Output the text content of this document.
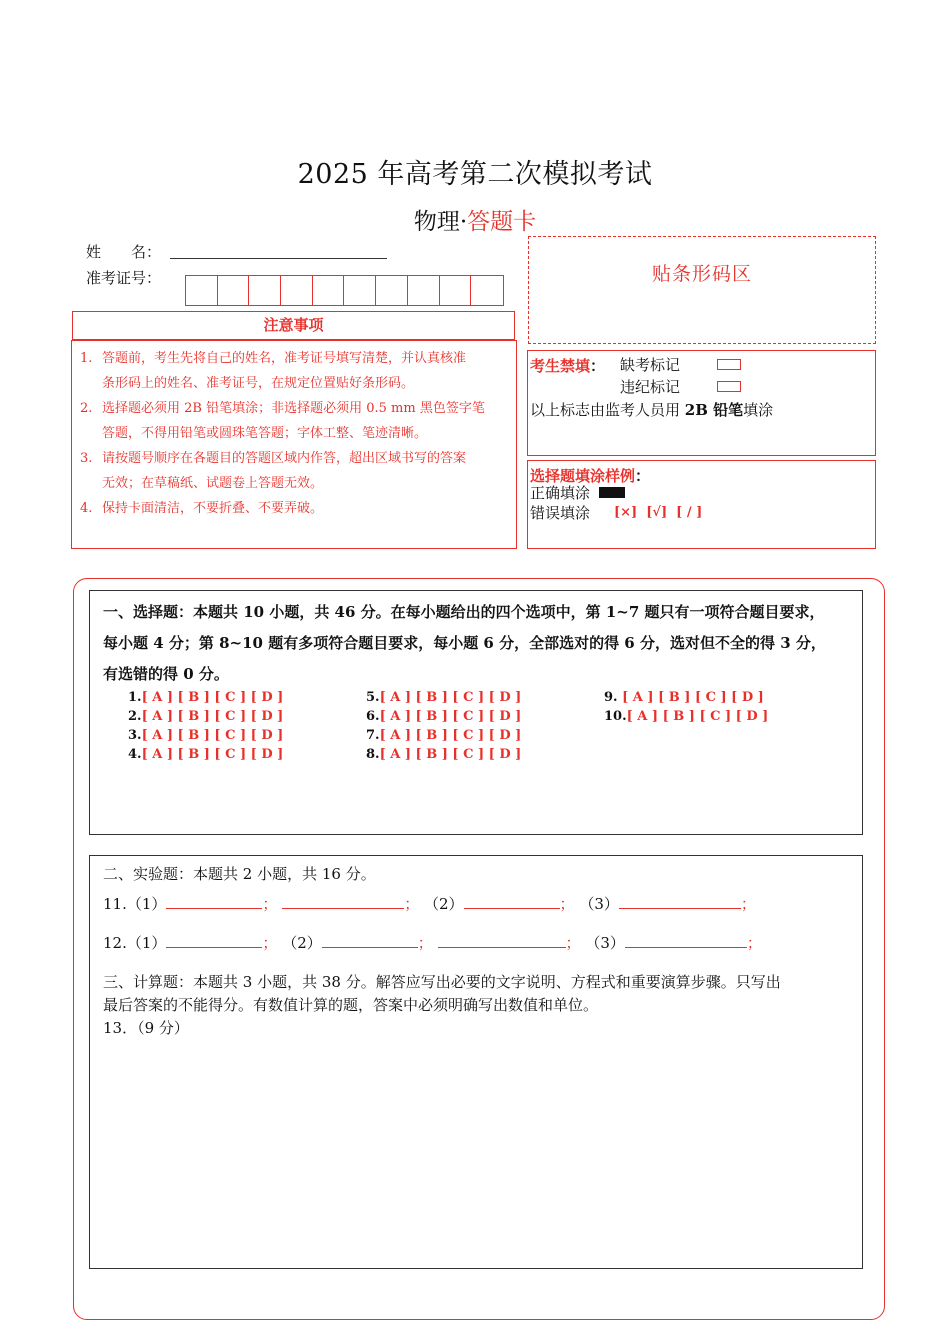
2025 年高考第二次模拟考试
物理·答题卡
姓　　名：
准考证号：
注意事项
1. 答题前，考生先将自己的姓名，准考证号填写清楚，并认真核准
条形码上的姓名、准考证号，在规定位置贴好条形码。
2. 选择题必须用 2B 铅笔填涂；非选择题必须用 0.5 mm 黑色签字笔
答题，不得用铅笔或圆珠笔答题；字体工整、笔迹清晰。
3. 请按题号顺序在各题目的答题区域内作答，超出区域书写的答案
无效；在草稿纸、试题卷上答题无效。
4. 保持卡面清洁，不要折叠、不要弄破。
贴条形码区
考生禁填： 缺考标记
违纪标记
以上标志由监考人员用 2B 铅笔填涂
选择题填涂样例：
正确填涂
错误填涂 [×]  [√]  [ / ]
一、选择题：本题共 10 小题，共 46 分。在每小题给出的四个选项中，第 1~7 题只有一项符合题目要求，
每小题 4 分；第 8~10 题有多项符合题目要求，每小题 6 分，全部选对的得 6 分，选对但不全的得 3 分，
有选错的得 0 分。
1.[ A ] [ B ] [ C ] [ D ]
2.[ A ] [ B ] [ C ] [ D ]
3.[ A ] [ B ] [ C ] [ D ]
4.[ A ] [ B ] [ C ] [ D ]
5.[ A ] [ B ] [ C ] [ D ]
6.[ A ] [ B ] [ C ] [ D ]
7.[ A ] [ B ] [ C ] [ D ]
8.[ A ] [ B ] [ C ] [ D ]
9. [ A ] [ B ] [ C ] [ D ]
10.[ A ] [ B ] [ C ] [ D ]
二、实验题：本题共 2 小题，共 16 分。
11.（1）	；	； （2）	； （3）	；
12.（1）	； （2）	；	； （3）	；
三、计算题：本题共 3 小题，共 38 分。解答应写出必要的文字说明、方程式和重要演算步骤。只写出
最后答案的不能得分。有数值计算的题，答案中必须明确写出数值和单位。
13．（9 分）
